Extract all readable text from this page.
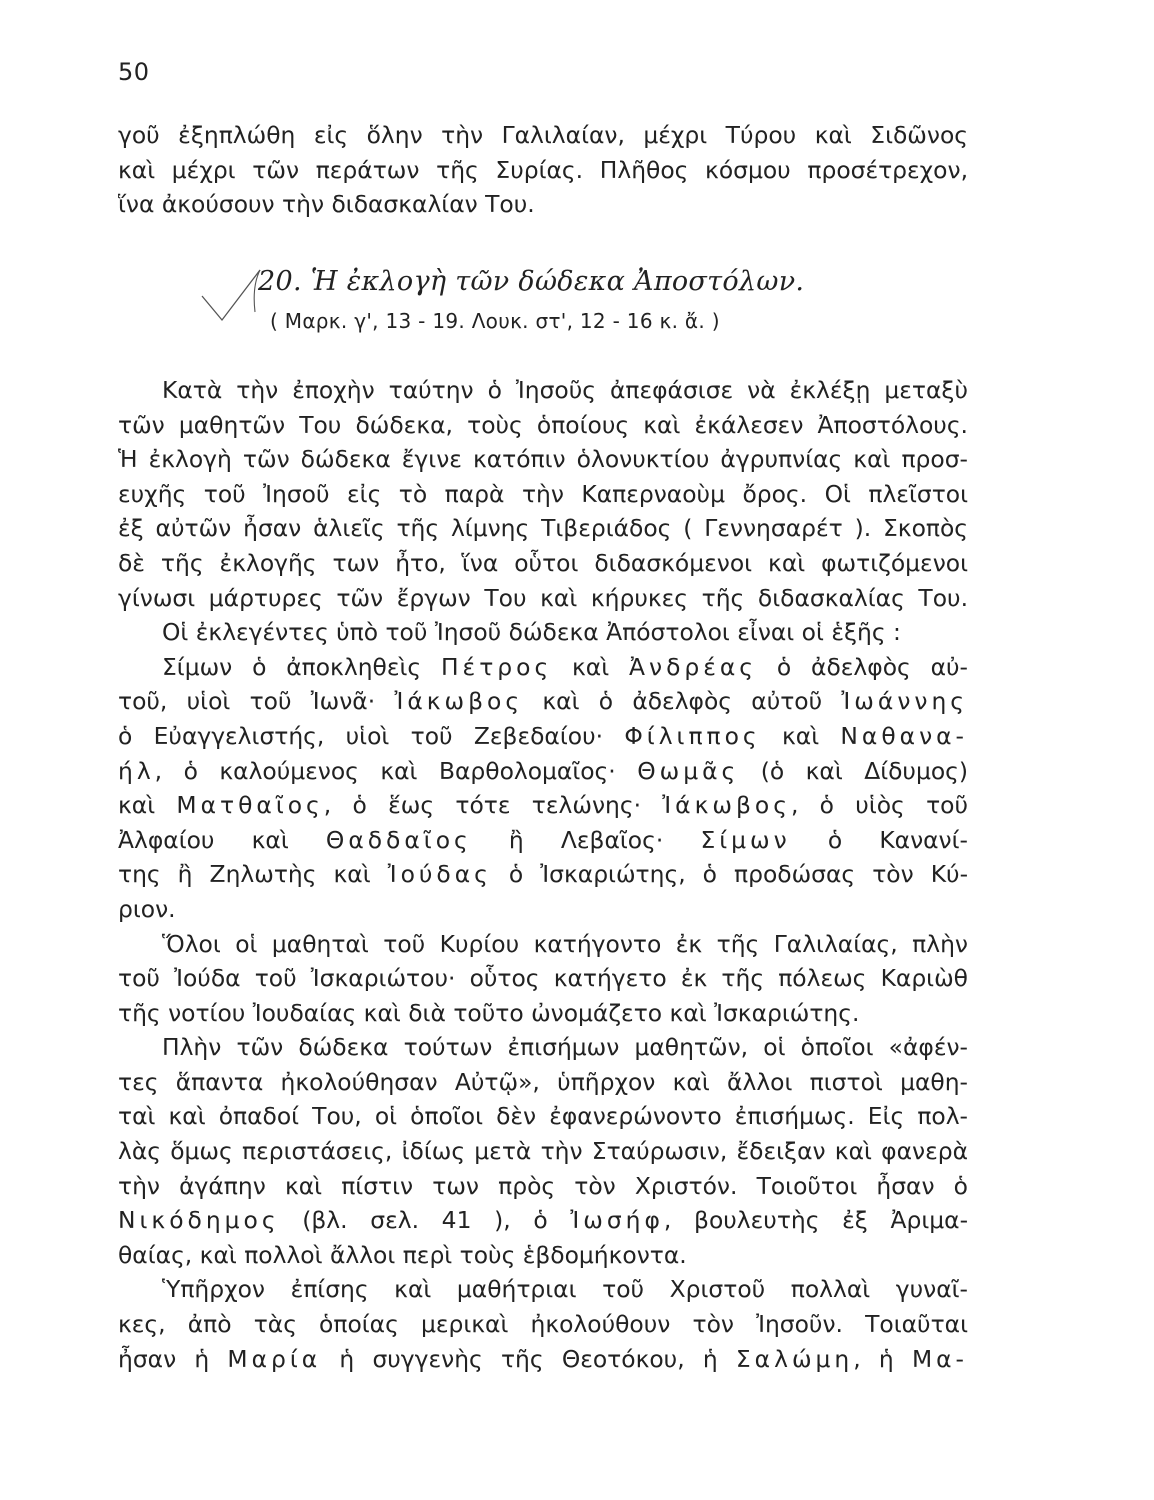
50
γοῦ ἐξηπλώθη εἰς ὅλην τὴν Γαλιλαίαν, μέχρι Τύρου καὶ Σιδῶνος
καὶ μέχρι τῶν περάτων τῆς Συρίας. Πλῆθος κόσμου προσέτρεχον,
ἵνα ἀκούσουν τὴν διδασκαλίαν Του.
20. Ἡ ἐκλογὴ τῶν δώδεκα Ἀποστόλων.
( Μαρκ. γ', 13 - 19. Λουκ. στ', 12 - 16 κ. ἄ. )
Κατὰ τὴν ἐποχὴν ταύτην ὁ Ἰησοῦς ἀπεφάσισε νὰ ἐκλέξῃ μεταξὺ
τῶν μαθητῶν Του δώδεκα, τοὺς ὁποίους καὶ ἐκάλεσεν Ἀποστόλους.
Ἡ ἐκλογὴ τῶν δώδεκα ἔγινε κατόπιν ὁλονυκτίου ἀγρυπνίας καὶ προσ-
ευχῆς τοῦ Ἰησοῦ εἰς τὸ παρὰ τὴν Καπερναοὺμ ὄρος. Οἱ πλεῖστοι
ἐξ αὐτῶν ἦσαν ἁλιεῖς τῆς λίμνης Τιβεριάδος ( Γεννησαρέτ ). Σκοπὸς
δὲ τῆς ἐκλογῆς των ἦτο, ἵνα οὗτοι διδασκόμενοι καὶ φωτιζόμενοι
γίνωσι μάρτυρες τῶν ἔργων Του καὶ κήρυκες τῆς διδασκαλίας Του.
Οἱ ἐκλεγέντες ὑπὸ τοῦ Ἰησοῦ δώδεκα Ἀπόστολοι εἶναι οἱ ἑξῆς :
Σίμων ὁ ἀποκληθεὶς Πέτρος καὶ Ἀνδρέας ὁ ἀδελφὸς αὐ-
τοῦ, υἱοὶ τοῦ Ἰωνᾶ· Ἰάκωβος καὶ ὁ ἀδελφὸς αὐτοῦ Ἰωάννης
ὁ Εὐαγγελιστής, υἱοὶ τοῦ Ζεβεδαίου· Φίλιππος καὶ Ναθανα-
ήλ, ὁ καλούμενος καὶ Βαρθολομαῖος· Θωμᾶς (ὁ καὶ Δίδυμος)
καὶ Ματθαῖος, ὁ ἕως τότε τελώνης· Ἰάκωβος, ὁ υἱὸς τοῦ
Ἀλφαίου καὶ Θαδδαῖος ἢ Λεβαῖος· Σίμων ὁ Κανανί-
της ἢ Ζηλωτὴς καὶ Ἰούδας ὁ Ἰσκαριώτης, ὁ προδώσας τὸν Κύ-
ριον.
Ὅλοι οἱ μαθηταὶ τοῦ Κυρίου κατήγοντο ἐκ τῆς Γαλιλαίας, πλὴν
τοῦ Ἰούδα τοῦ Ἰσκαριώτου· οὗτος κατήγετο ἐκ τῆς πόλεως Καριὼθ
τῆς νοτίου Ἰουδαίας καὶ διὰ τοῦτο ὠνομάζετο καὶ Ἰσκαριώτης.
Πλὴν τῶν δώδεκα τούτων ἐπισήμων μαθητῶν, οἱ ὁποῖοι «ἀφέν-
τες ἅπαντα ἠκολούθησαν Αὐτῷ», ὑπῆρχον καὶ ἄλλοι πιστοὶ μαθη-
ταὶ καὶ ὀπαδοί Του, οἱ ὁποῖοι δὲν ἐφανερώνοντο ἐπισήμως. Εἰς πολ-
λὰς ὅμως περιστάσεις, ἰδίως μετὰ τὴν Σταύρωσιν, ἔδειξαν καὶ φανερὰ
τὴν ἀγάπην καὶ πίστιν των πρὸς τὸν Χριστόν. Τοιοῦτοι ἦσαν ὁ
Νικόδημος (βλ. σελ. 41 ), ὁ Ἰωσήφ, βουλευτὴς ἐξ Ἀριμα-
θαίας, καὶ πολλοὶ ἄλλοι περὶ τοὺς ἑβδομήκοντα.
Ὑπῆρχον ἐπίσης καὶ μαθήτριαι τοῦ Χριστοῦ πολλαὶ γυναῖ-
κες, ἀπὸ τὰς ὁποίας μερικαὶ ἠκολούθουν τὸν Ἰησοῦν. Τοιαῦται
ἦσαν ἡ Μαρία ἡ συγγενὴς τῆς Θεοτόκου, ἡ Σαλώμη, ἡ Μα-
